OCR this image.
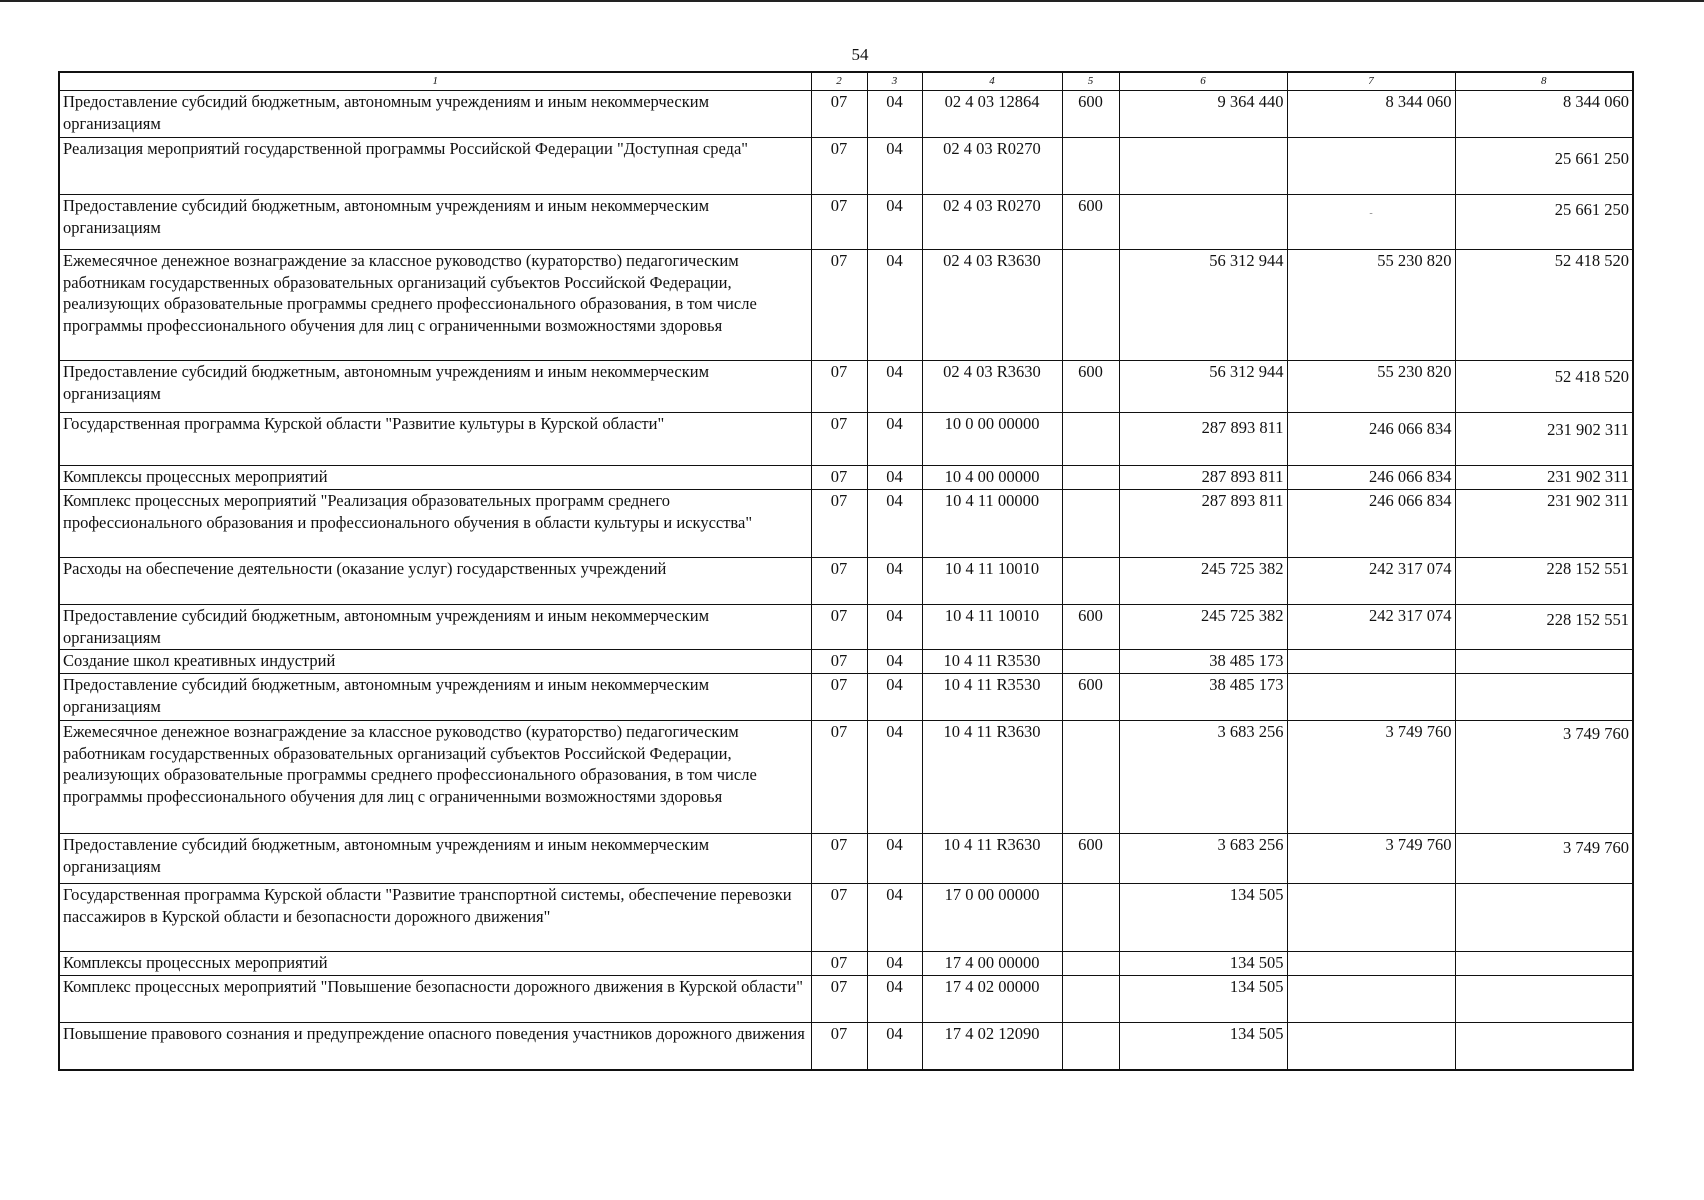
54
1	2	3	4	5	6	7	8
Предоставление субсидий бюджетным, автономным учреждениям и иным некоммерческим организациям	07	04	02 4 03 12864	600	9 364 440	8 344 060	8 344 060
Реализация мероприятий государственной программы Российской Федерации "Доступная среда"	07	04	02 4 03 R0270				25 661 250
Предоставление субсидий бюджетным, автономным учреждениям и иным некоммерческим организациям	07	04	02 4 03 R0270	600		-	25 661 250
Ежемесячное денежное вознаграждение за классное руководство (кураторство) педагогическим работникам государственных образовательных организаций субъектов Российской Федерации, реализующих образовательные программы среднего профессионального образования, в том числе программы профессионального обучения для лиц с ограниченными возможностями здоровья	07	04	02 4 03 R3630		56 312 944	55 230 820	52 418 520
Предоставление субсидий бюджетным, автономным учреждениям и иным некоммерческим организациям	07	04	02 4 03 R3630	600	56 312 944	55 230 820	52 418 520
Государственная программа Курской области "Развитие культуры в Курской области"	07	04	10 0 00 00000		287 893 811	246 066 834	231 902 311
Комплексы процессных мероприятий	07	04	10 4 00 00000		287 893 811	246 066 834	231 902 311
Комплекс процессных мероприятий "Реализация образовательных программ среднего профессионального образования и профессионального обучения в области культуры и искусства"	07	04	10 4 11 00000		287 893 811	246 066 834	231 902 311
Расходы на обеспечение деятельности (оказание услуг) государственных учреждений	07	04	10 4 11 10010		245 725 382	242 317 074	228 152 551
Предоставление субсидий бюджетным, автономным учреждениям и иным некоммерческим организациям	07	04	10 4 11 10010	600	245 725 382	242 317 074	228 152 551
Создание школ креативных индустрий	07	04	10 4 11 R3530		38 485 173		
Предоставление субсидий бюджетным, автономным учреждениям и иным некоммерческим организациям	07	04	10 4 11 R3530	600	38 485 173		
Ежемесячное денежное вознаграждение за классное руководство (кураторство) педагогическим работникам государственных образовательных организаций субъектов Российской Федерации, реализующих образовательные программы среднего профессионального образования, в том числе программы профессионального обучения для лиц с ограниченными возможностями здоровья	07	04	10 4 11 R3630		3 683 256	3 749 760	3 749 760
Предоставление субсидий бюджетным, автономным учреждениям и иным некоммерческим организациям	07	04	10 4 11 R3630	600	3 683 256	3 749 760	3 749 760
Государственная программа Курской области "Развитие транспортной системы, обеспечение перевозки пассажиров в Курской области и безопасности дорожного движения"	07	04	17 0 00 00000		134 505		
Комплексы процессных мероприятий	07	04	17 4 00 00000		134 505		
Комплекс процессных мероприятий "Повышение безопасности дорожного движения в Курской области"	07	04	17 4 02 00000		134 505		
Повышение правового сознания и предупреждение опасного поведения участников дорожного движения	07	04	17 4 02 12090		134 505		
